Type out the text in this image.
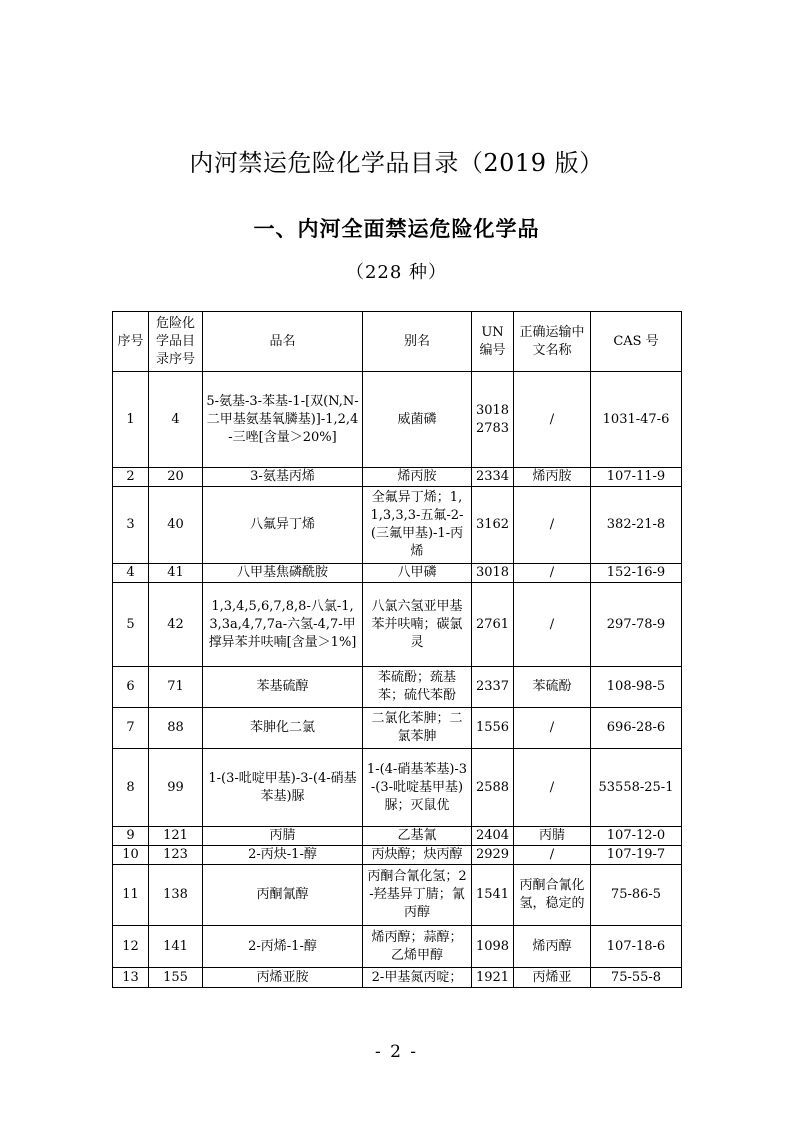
内河禁运危险化学品目录（2019 版）
一、内河全面禁运危险化学品
（228 种）
序号	危险化学品目录序号	品名	别名	UN编号	正确运输中文名称	CAS 号
1	4	5-氨基-3-苯基-1-[双(N,N-二甲基氨基氧膦基)]-1,2,4-三唑[含量＞20%]	威菌磷	3018 2783	/	1031-47-6
2	20	3-氨基丙烯	烯丙胺	2334	烯丙胺	107-11-9
3	40	八氟异丁烯	全氟异丁烯；1,1,3,3,3-五氟-2-(三氟甲基)-1-丙烯	3162	/	382-21-8
4	41	八甲基焦磷酰胺	八甲磷	3018	/	152-16-9
5	42	1,3,4,5,6,7,8,8-八氯-1,3,3a,4,7,7a-六氢-4,7-甲撑异苯并呋喃[含量＞1%]	八氯六氢亚甲基苯并呋喃；碳氯灵	2761	/	297-78-9
6	71	苯基硫醇	苯硫酚；巯基苯；硫代苯酚	2337	苯硫酚	108-98-5
7	88	苯胂化二氯	二氯化苯胂；二氯苯胂	1556	/	696-28-6
8	99	1-(3-吡啶甲基)-3-(4-硝基苯基)脲	1-(4-硝基苯基)-3-(3-吡啶基甲基)脲；灭鼠优	2588	/	53558-25-1
9	121	丙腈	乙基氰	2404	丙腈	107-12-0
10	123	2-丙炔-1-醇	丙炔醇；炔丙醇	2929	/	107-19-7
11	138	丙酮氰醇	丙酮合氰化氢；2-羟基异丁腈；氰丙醇	1541	丙酮合氰化氢，稳定的	75-86-5
12	141	2-丙烯-1-醇	烯丙醇；蒜醇；乙烯甲醇	1098	烯丙醇	107-18-6
13	155	丙烯亚胺	2-甲基氮丙啶；	1921	丙烯亚	75-55-8
- 2 -
